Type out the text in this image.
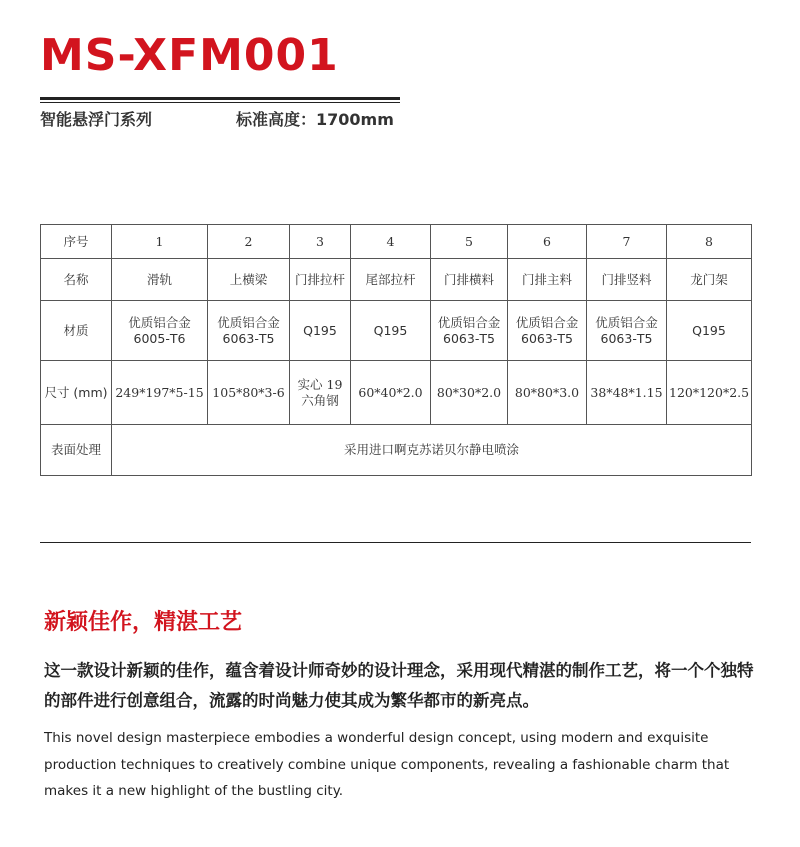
MS-XFM001
智能悬浮门系列	标准高度：1700mm
序号	1	2	3	4	5	6	7	8
名称	滑轨	上横梁	门排拉杆	尾部拉杆	门排横料	门排主料	门排竖料	龙门架
材质	优质铝合金 6005-T6	优质铝合金 6063-T5	Q195	Q195	优质铝合金 6063-T5	优质铝合金 6063-T5	优质铝合金 6063-T5	Q195
尺寸 (mm)	249*197*5-15	105*80*3-6	实心 19 六角钢	60*40*2.0	80*30*2.0	80*80*3.0	38*48*1.15	120*120*2.5
表面处理	采用进口啊克苏诺贝尔静电喷涂							
新颖佳作，精湛工艺

这一款设计新颖的佳作，蕴含着设计师奇妙的设计理念，采用现代精湛的制作工艺，将一个个独特的部件进行创意组合，流露的时尚魅力使其成为繁华都市的新亮点。

This novel design masterpiece embodies a wonderful design concept, using modern and exquisite production techniques to creatively combine unique components, revealing a fashionable charm that makes it a new highlight of the bustling city.
